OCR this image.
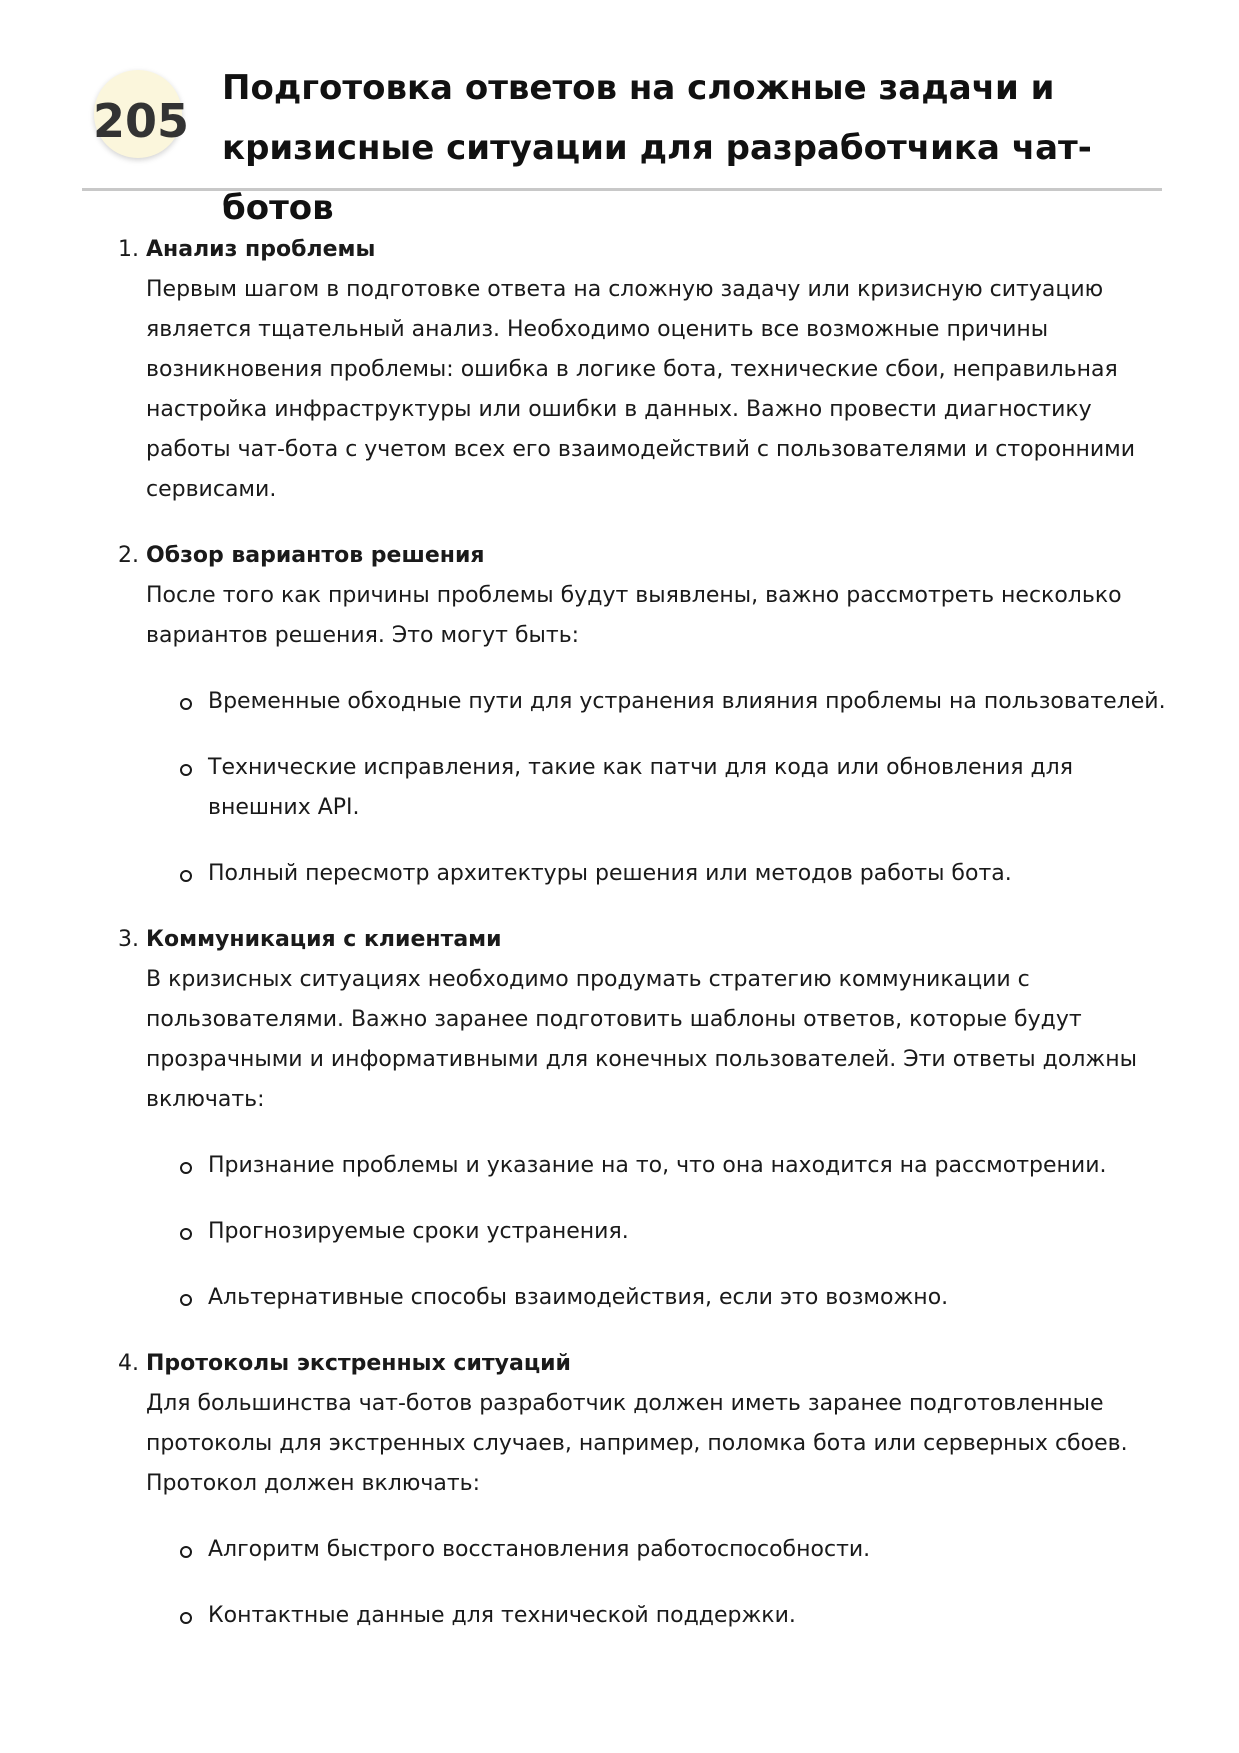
205
Подготовка ответов на сложные задачи и кризисные ситуации для разработчика чат-ботов
1. Анализ проблемы
Первым шагом в подготовке ответа на сложную задачу или кризисную ситуацию является тщательный анализ. Необходимо оценить все возможные причины возникновения проблемы: ошибка в логике бота, технические сбои, неправильная настройка инфраструктуры или ошибки в данных. Важно провести диагностику работы чат-бота с учетом всех его взаимодействий с пользователями и сторонними сервисами.
2. Обзор вариантов решения
После того как причины проблемы будут выявлены, важно рассмотреть несколько вариантов решения. Это могут быть:
Временные обходные пути для устранения влияния проблемы на пользователей.
Технические исправления, такие как патчи для кода или обновления для внешних API.
Полный пересмотр архитектуры решения или методов работы бота.
3. Коммуникация с клиентами
В кризисных ситуациях необходимо продумать стратегию коммуникации с пользователями. Важно заранее подготовить шаблоны ответов, которые будут прозрачными и информативными для конечных пользователей. Эти ответы должны включать:
Признание проблемы и указание на то, что она находится на рассмотрении.
Прогнозируемые сроки устранения.
Альтернативные способы взаимодействия, если это возможно.
4. Протоколы экстренных ситуаций
Для большинства чат-ботов разработчик должен иметь заранее подготовленные протоколы для экстренных случаев, например, поломка бота или серверных сбоев. Протокол должен включать:
Алгоритм быстрого восстановления работоспособности.
Контактные данные для технической поддержки.
